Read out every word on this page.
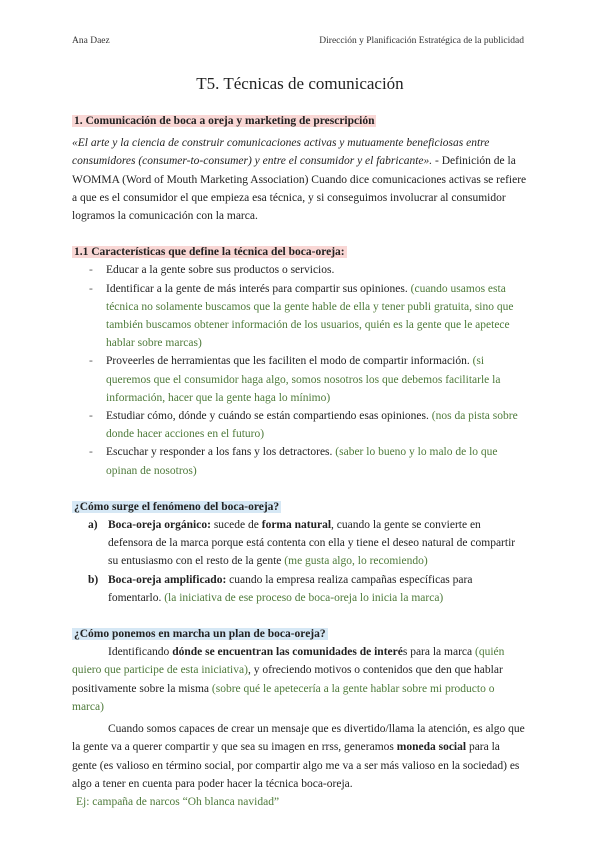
Ana Daez	Dirección y Planificación Estratégica de la publicidad
T5. Técnicas de comunicación

1. Comunicación de boca a oreja y marketing de prescripción

«El arte y la ciencia de construir comunicaciones activas y mutuamente beneficiosas entre consumidores (consumer-to-consumer) y entre el consumidor y el fabricante». - Definición de la WOMMA (Word of Mouth Marketing Association) Cuando dice comunicaciones activas se refiere a que es el consumidor el que empieza esa técnica, y si conseguimos involucrar al consumidor logramos la comunicación con la marca.

1.1 Características que define la técnica del boca-oreja:

- Educar a la gente sobre sus productos o servicios.
- Identificar a la gente de más interés para compartir sus opiniones. (cuando usamos esta técnica no solamente buscamos que la gente hable de ella y tener publi gratuita, sino que también buscamos obtener información de los usuarios, quién es la gente que le apetece hablar sobre marcas)
- Proveerles de herramientas que les faciliten el modo de compartir información. (si queremos que el consumidor haga algo, somos nosotros los que debemos facilitarle la información, hacer que la gente haga lo mínimo)
- Estudiar cómo, dónde y cuándo se están compartiendo esas opiniones. (nos da pista sobre donde hacer acciones en el futuro)
- Escuchar y responder a los fans y los detractores. (saber lo bueno y lo malo de lo que opinan de nosotros)

¿Cómo surge el fenómeno del boca-oreja?

a) Boca-oreja orgánico: sucede de forma natural, cuando la gente se convierte en defensora de la marca porque está contenta con ella y tiene el deseo natural de compartir su entusiasmo con el resto de la gente (me gusta algo, lo recomiendo)
b) Boca-oreja amplificado: cuando la empresa realiza campañas específicas para fomentarlo. (la iniciativa de ese proceso de boca-oreja lo inicia la marca)

¿Cómo ponemos en marcha un plan de boca-oreja?

Identificando dónde se encuentran las comunidades de interés para la marca (quién quiero que participe de esta iniciativa), y ofreciendo motivos o contenidos que den que hablar positivamente sobre la misma (sobre qué le apetecería a la gente hablar sobre mi producto o marca)

Cuando somos capaces de crear un mensaje que es divertido/llama la atención, es algo que la gente va a querer compartir y que sea su imagen en rrss, generamos moneda social para la gente (es valioso en término social, por compartir algo me va a ser más valioso en la sociedad) es algo a tener en cuenta para poder hacer la técnica boca-oreja.

Ej: campaña de narcos “Oh blanca navidad”
